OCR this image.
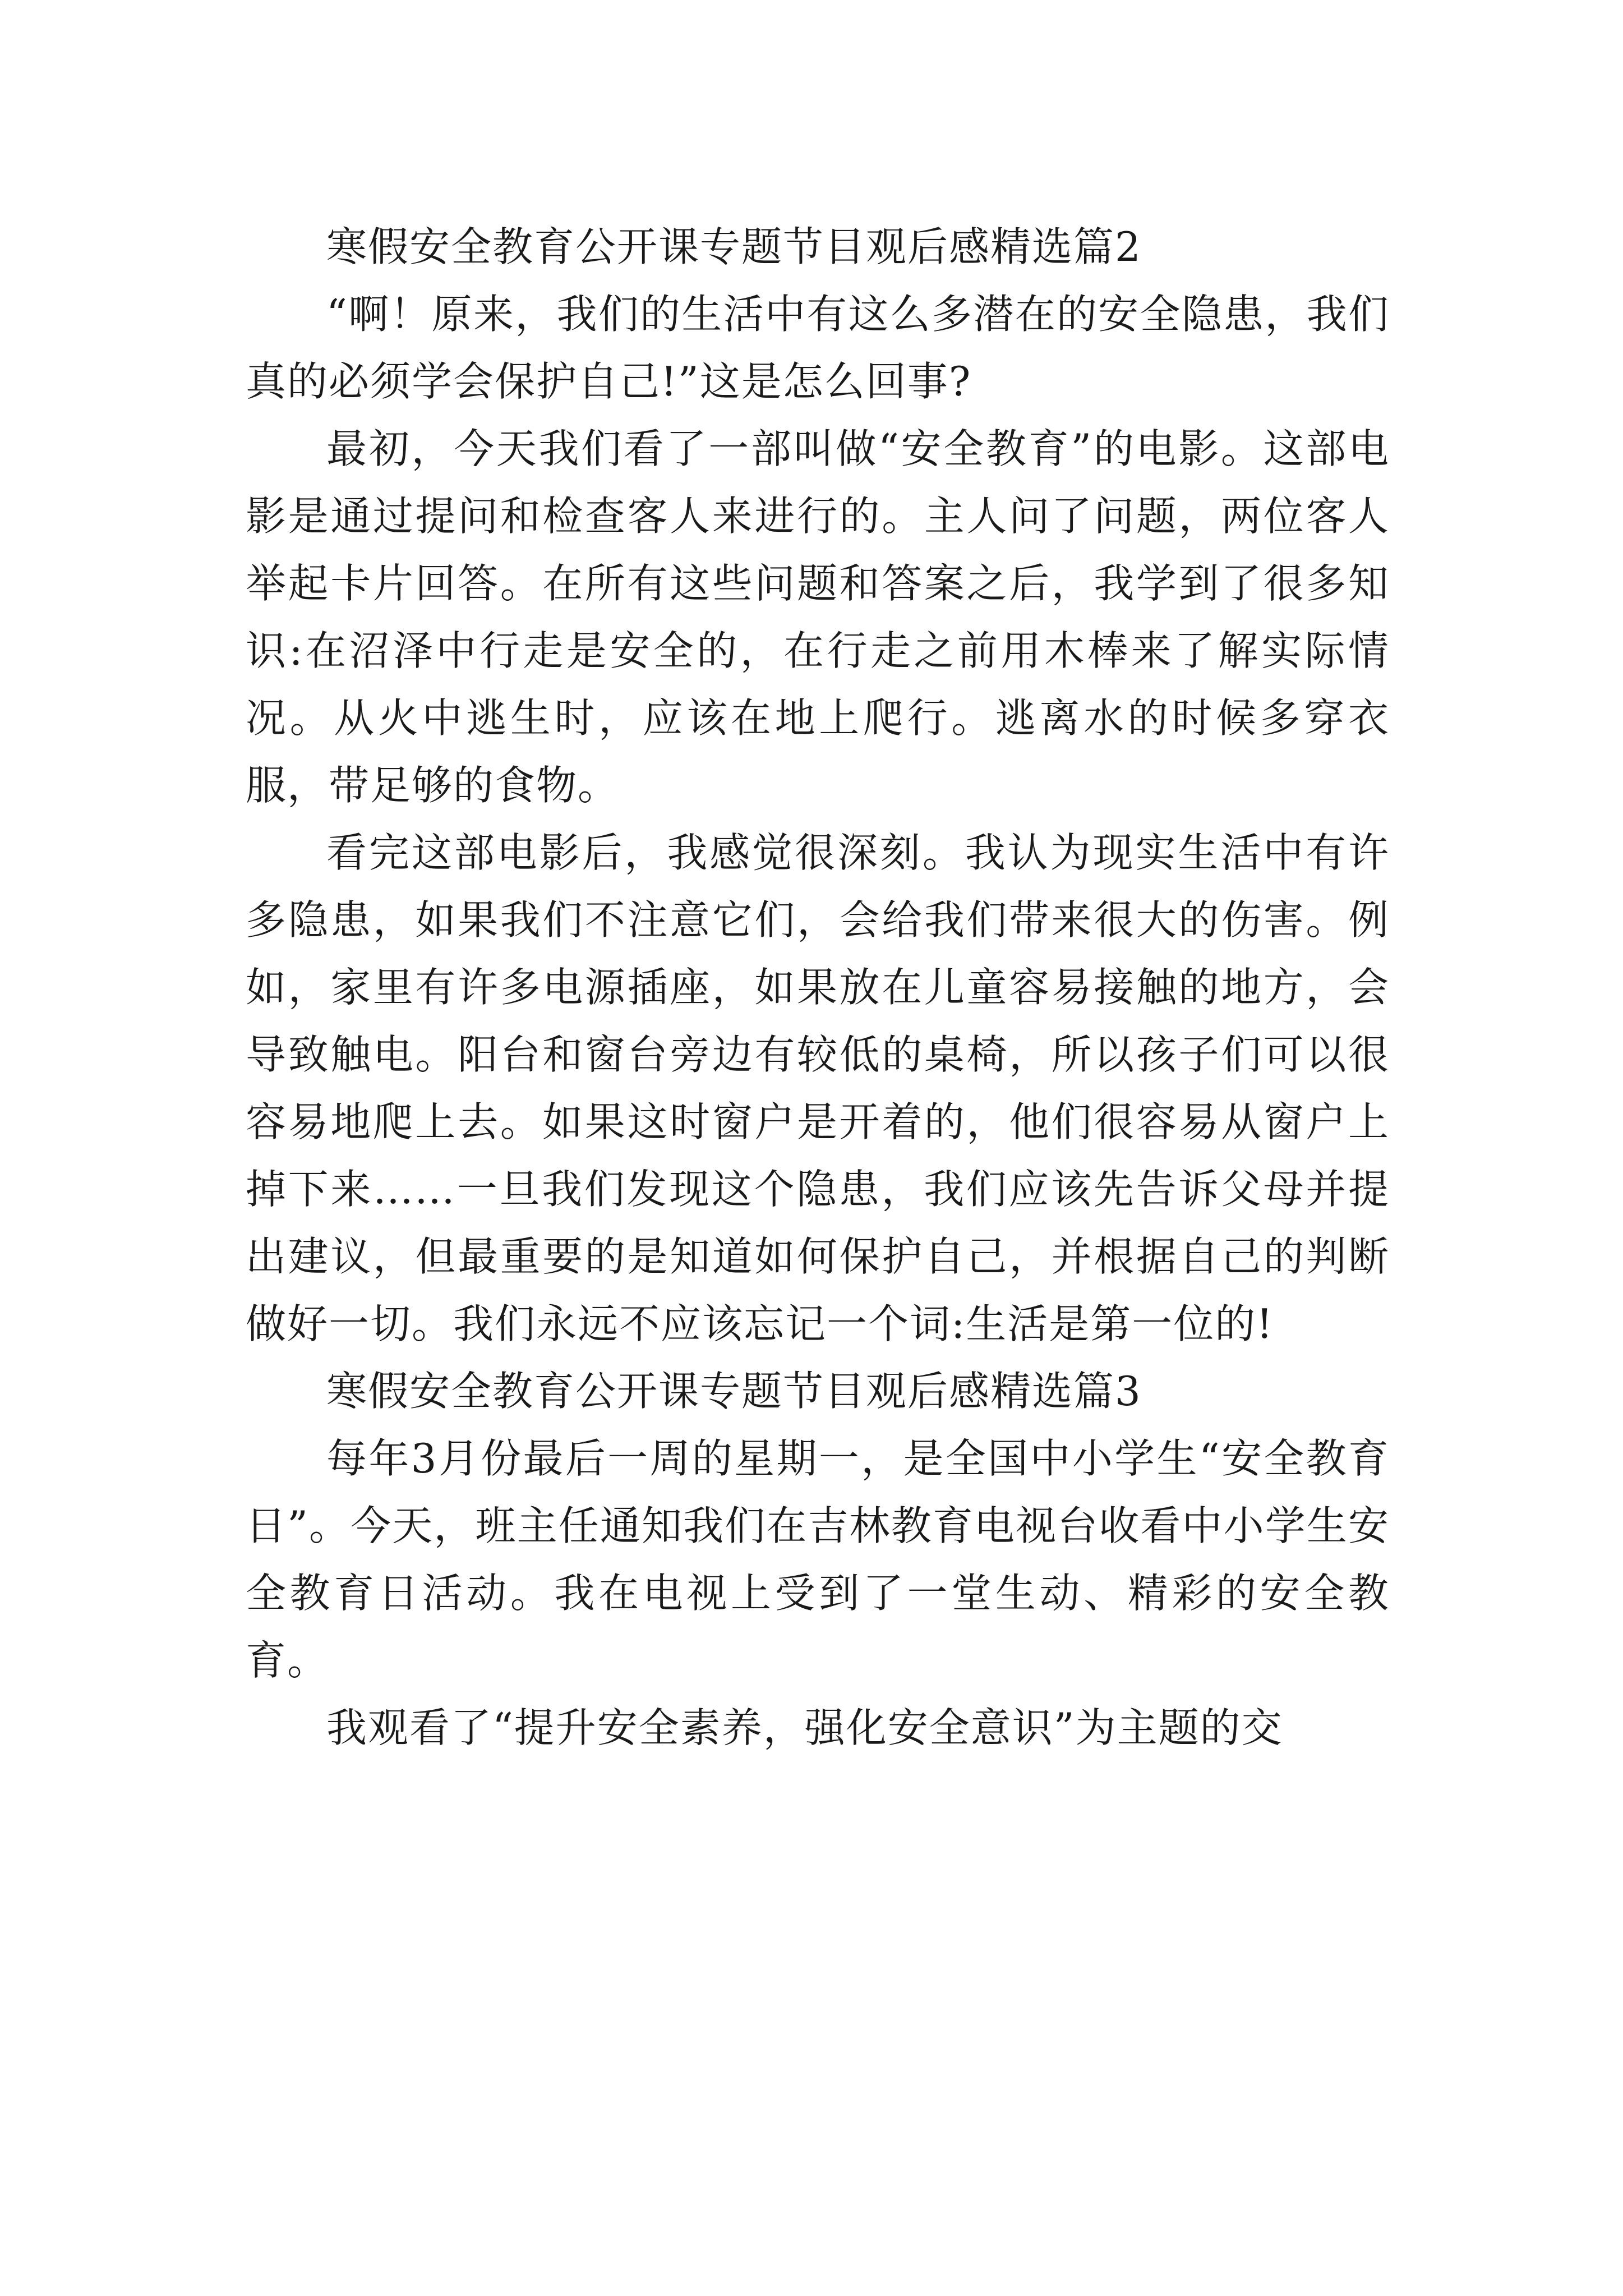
寒假安全教育公开课专题节目观后感精选篇2

“啊！原来，我们的生活中有这么多潜在的安全隐患，我们真的必须学会保护自己!”这是怎么回事?

最初，今天我们看了一部叫做“安全教育”的电影。这部电影是通过提问和检查客人来进行的。主人问了问题，两位客人举起卡片回答。在所有这些问题和答案之后，我学到了很多知识:在沼泽中行走是安全的，在行走之前用木棒来了解实际情况。从火中逃生时，应该在地上爬行。逃离水的时候多穿衣服，带足够的食物。

看完这部电影后，我感觉很深刻。我认为现实生活中有许多隐患，如果我们不注意它们，会给我们带来很大的伤害。例如，家里有许多电源插座，如果放在儿童容易接触的地方，会导致触电。阳台和窗台旁边有较低的桌椅，所以孩子们可以很容易地爬上去。如果这时窗户是开着的，他们很容易从窗户上掉下来……一旦我们发现这个隐患，我们应该先告诉父母并提出建议，但最重要的是知道如何保护自己，并根据自己的判断做好一切。我们永远不应该忘记一个词:生活是第一位的!

寒假安全教育公开课专题节目观后感精选篇3

每年3月份最后一周的星期一，是全国中小学生“安全教育日”。今天，班主任通知我们在吉林教育电视台收看中小学生安全教育日活动。我在电视上受到了一堂生动、精彩的安全教育。

我观看了“提升安全素养，强化安全意识”为主题的交
